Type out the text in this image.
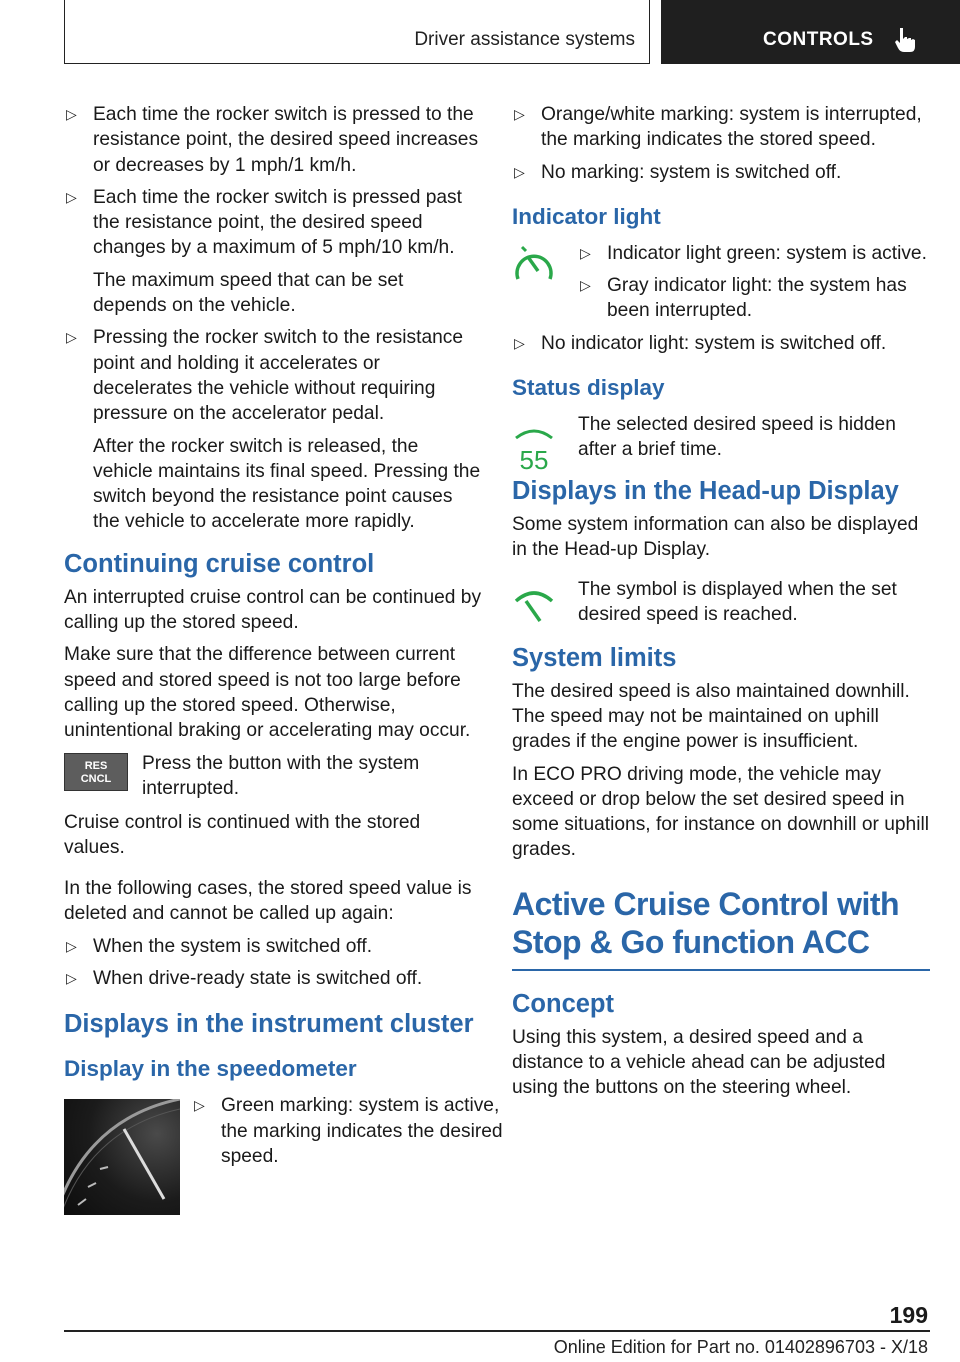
Driver assistance systems	CONTROLS
▷ Each time the rocker switch is pressed to the resistance point, the desired speed increases or decreases by 1 mph/1 km/h.

▷ Each time the rocker switch is pressed past the resistance point, the desired speed changes by a maximum of 5 mph/10 km/h.

The maximum speed that can be set depends on the vehicle.

▷ Pressing the rocker switch to the resistance point and holding it accelerates or decelerates the vehicle without requiring pressure on the accelerator pedal.

After the rocker switch is released, the vehicle maintains its final speed. Pressing the switch beyond the resistance point causes the vehicle to accelerate more rapidly.

Continuing cruise control

An interrupted cruise control can be continued by calling up the stored speed.

Make sure that the difference between current speed and stored speed is not too large before calling up the stored speed. Otherwise, unintentional braking or accelerating may occur.

RES CNCL

Press the button with the system interrupted.

Cruise control is continued with the stored values.

In the following cases, the stored speed value is deleted and cannot be called up again:

▷ When the system is switched off.

▷ When drive-ready state is switched off.

Displays in the instrument cluster
Display in the speedometer
▷ Green marking: system is active, the marking indicates the desired speed.

▷ Orange/white marking: system is interrupted, the marking indicates the stored speed.

▷ No marking: system is switched off.

Indicator light
▷ Indicator light green: system is active.

▷ Gray indicator light: the system has been interrupted.

▷ No indicator light: system is switched off.

Status display
55

The selected desired speed is hidden after a brief time.

Displays in the Head-up Display

Some system information can also be displayed in the Head-up Display.

The symbol is displayed when the set desired speed is reached.

System limits

The desired speed is also maintained downhill. The speed may not be maintained on uphill grades if the engine power is insufficient.

In ECO PRO driving mode, the vehicle may exceed or drop below the set desired speed in some situations, for instance on downhill or uphill grades.

Active Cruise Control with Stop & Go function ACC
Concept

Using this system, a desired speed and a distance to a vehicle ahead can be adjusted using the buttons on the steering wheel.

199
Online Edition for Part no. 01402896703 - X/18
